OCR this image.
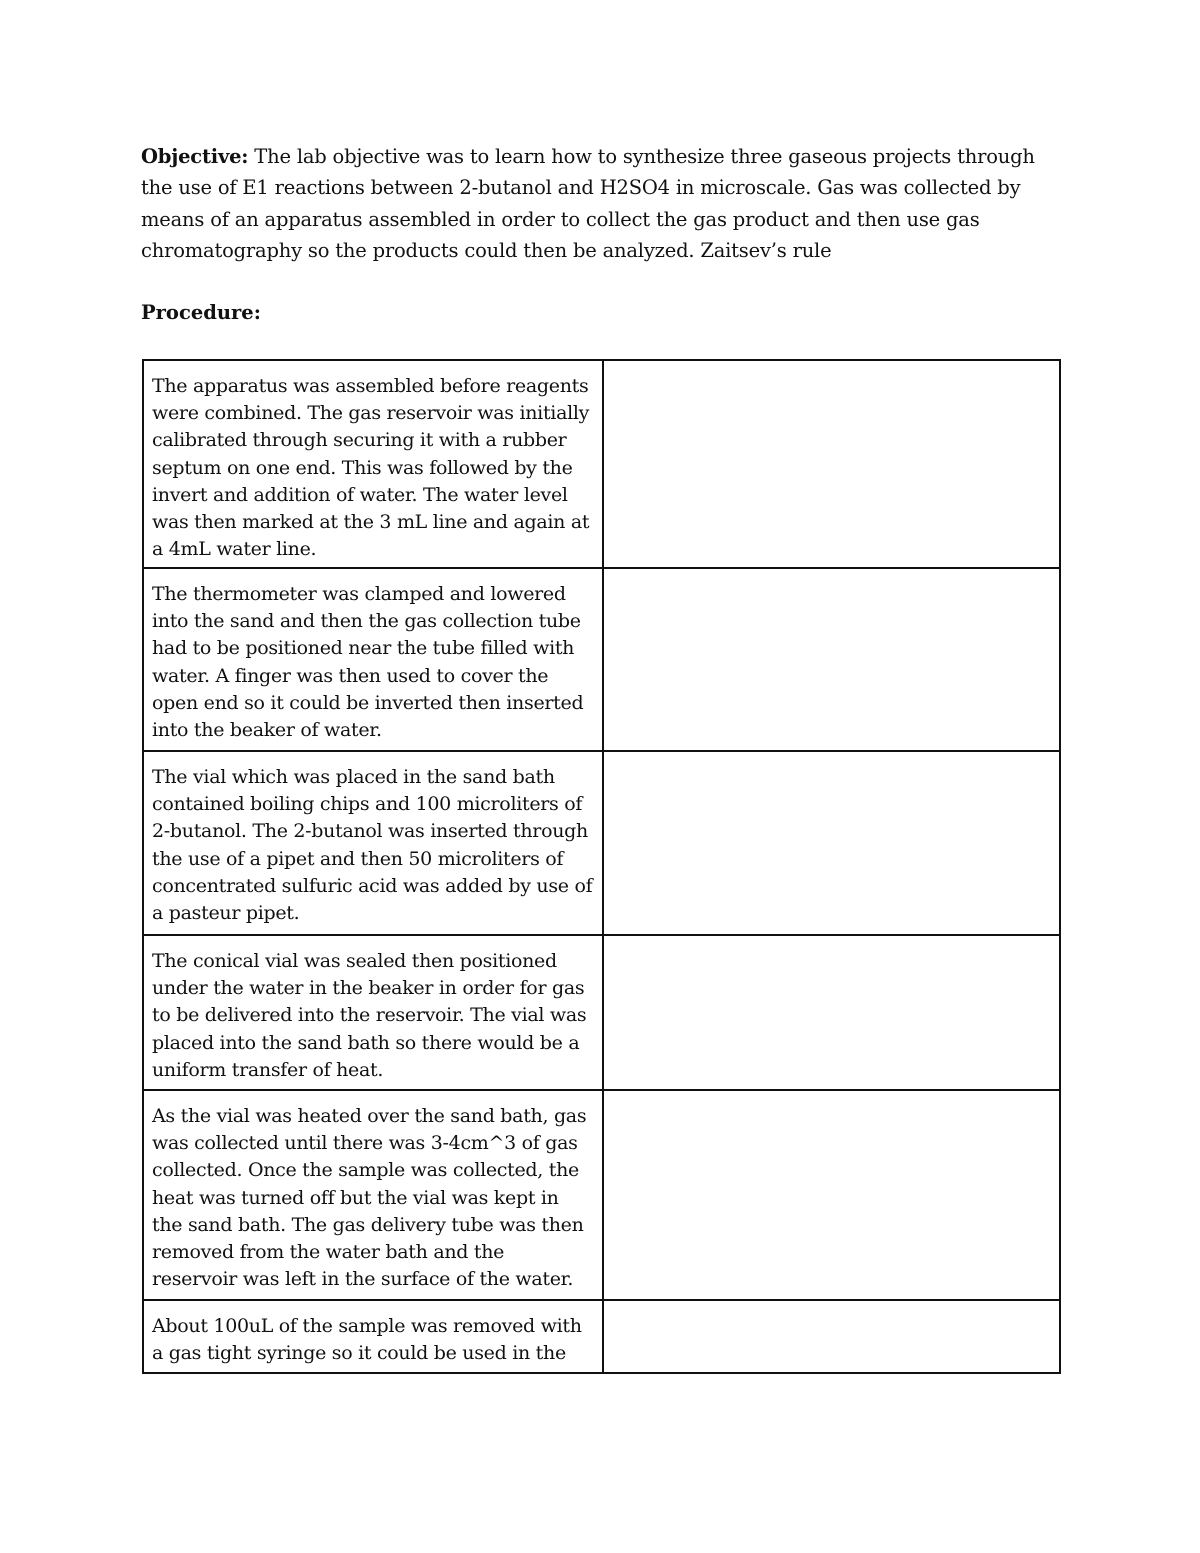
Objective: The lab objective was to learn how to synthesize three gaseous projects through the use of E1 reactions between 2-butanol and H2SO4 in microscale. Gas was collected by means of an apparatus assembled in order to collect the gas product and then use gas chromatography so the products could then be analyzed. Zaitsev’s rule

Procedure:
The apparatus was assembled before reagents were combined. The gas reservoir was initially calibrated through securing it with a rubber septum on one end. This was followed by the invert and addition of water. The water level was then marked at the 3 mL line and again at a 4mL water line.	

The thermometer was clamped and lowered into the sand and then the gas collection tube had to be positioned near the tube filled with water. A finger was then used to cover the open end so it could be inverted then inserted into the beaker of water.	

The vial which was placed in the sand bath contained boiling chips and 100 microliters of 2-butanol. The 2-butanol was inserted through the use of a pipet and then 50 microliters of concentrated sulfuric acid was added by use of a pasteur pipet.	

The conical vial was sealed then positioned under the water in the beaker in order for gas to be delivered into the reservoir. The vial was placed into the sand bath so there would be a uniform transfer of heat.	

As the vial was heated over the sand bath, gas was collected until there was 3-4cm^3 of gas collected. Once the sample was collected, the heat was turned off but the vial was kept in the sand bath. The gas delivery tube was then removed from the water bath and the reservoir was left in the surface of the water.	

About 100uL of the sample was removed with a gas tight syringe so it could be used in the	
